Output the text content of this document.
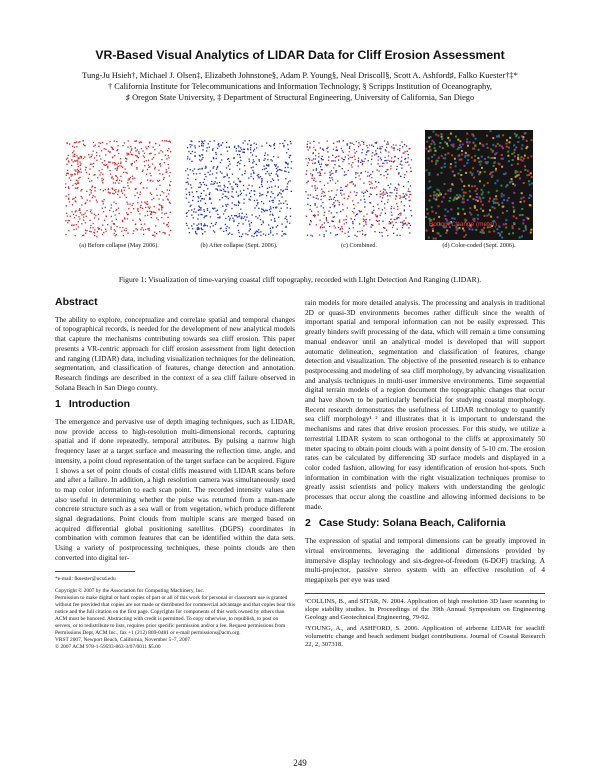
VR-Based Visual Analytics of LIDAR Data for Cliff Erosion Assessment
Tung-Ju Hsieh†, Michael J. Olsen‡, Elizabeth Johnstone§, Adam P. Young§, Neal Driscoll§, Scott A. Ashford♯, Falko Kuester†‡*
† California Institute for Telecommunications and Information Technology, § Scripps Institution of Oceanography,
♯ Oregon State University, ‡ Department of Structural Engineering, University of California, San Diego
(a) Before collapse (May 2006).	(b) After collapse (Sept. 2006).	(c) Combined.
Bottom Change (meter)
(d) Color-coded (Sept. 2006).
Figure 1: Visualization of time-varying coastal cliff topography, recorded with LIght Detection And Ranging (LIDAR).
Abstract

The ability to explore, conceptualize and correlate spatial and temporal changes of topographical records, is needed for the development of new analytical models that capture the mechanisms contributing towards sea cliff erosion. This paper presents a VR-centric approach for cliff erosion assessment from light detection and ranging (LIDAR) data, including visualization techniques for the delineation, segmentation, and classification of features, change detection and annotation. Research findings are described in the context of a sea cliff failure observed in Solana Beach in San Diego county.

1 Introduction

The emergence and pervasive use of depth imaging techniques, such as LIDAR, now provide access to high-resolution multi-dimensional records, capturing spatial and if done repeatedly, temporal attributes. By pulsing a narrow high frequency laser at a target surface and measuring the reflection time, angle, and intensity, a point cloud representation of the target surface can be acquired. Figure 1 shows a set of point clouds of costal cliffs measured with LIDAR scans before and after a failure. In addition, a high resolution camera was simultaneously used to map color information to each scan point. The recorded intensity values are also useful in determining whether the pulse was returned from a man-made concrete structure such as a sea wall or from vegetation, which produce different signal degradations. Point clouds from multiple scans are merged based on acquired differential global positioning satellites (DGPS) coordinates in combination with common features that can be identified within the data sets. Using a variety of postprocessing techniques, these points clouds are then converted into digital ter-

*e-mail: fkuester@ucsd.edu
Copyright © 2007 by the Association for Computing Machinery, Inc.
Permission to make digital or hard copies of part or all of this work for personal or classroom use is granted without fee provided that copies are not made or distributed for commercial advantage and that copies bear this notice and the full citation on the first page. Copyrights for components of this work owned by others than ACM must be honored. Abstracting with credit is permitted. To copy otherwise, to republish, to post on servers, or to redistribute to lists, requires prior specific permission and/or a fee. Request permissions from Permissions Dept, ACM Inc., fax +1 (212) 869-0481 or e-mail permissions@acm.org.
VRST 2007, Newport Beach, California, November 5–7, 2007.
© 2007 ACM 978-1-59593-863-3/07/0011 $5.00

rain models for more detailed analysis. The processing and analysis in traditional 2D or quasi-3D environments becomes rather difficult since the wealth of important spatial and temporal information can not be easily expressed. This greatly hinders swift processing of the data, which will remain a time consuming manual endeavor until an analytical model is developed that will support automatic delineation, segmentation and classification of features, change detection and visualization. The objective of the presented research is to enhance postprocessing and modeling of sea cliff morphology, by advancing visualization and analysis techniques in multi-user immersive environments. Time sequential digital terrain models of a region document the topographic changes that occur and have shown to be particularly beneficial for studying coastal morphology. Recent research demonstrates the usefulness of LIDAR technology to quantify sea cliff morphology¹ ² and illustrates that it is important to understand the mechanisms and rates that drive erosion processes. For this study, we utilize a terrestrial LIDAR system to scan orthogonal to the cliffs at approximately 50 meter spacing to obtain point clouds with a point density of 5-10 cm. The erosion rates can be calculated by differencing 3D surface models and displayed in a color coded fashion, allowing for easy identification of erosion hot-spots. Such information in combination with the right visualization techniques promise to greatly assist scientists and policy makers with understanding the geologic processes that occur along the coastline and allowing informed decisions to be made.

2 Case Study: Solana Beach, California

The expression of spatial and temporal dimensions can be greatly improved in virtual environments, leveraging the additional dimensions provided by immersive display technology and six-degree-of-freedom (6-DOF) tracking. A multi-projector, passive stereo system with an effective resolution of 4 megapixels per eye was used

¹COLLINS, B., and SITAR, N. 2004. Application of high resolution 3D laser scanning to slope stability studies. In Proceedings of the 39th Annual Symposium on Engineering Geology and Geotechnical Engineering, 79-92.
²YOUNG, A., and ASHFORD, S. 2006. Application of airborne LIDAR for seacliff volumetric change and beach sediment budget contributions. Journal of Coastal Research 22, 2, 307318.
249
